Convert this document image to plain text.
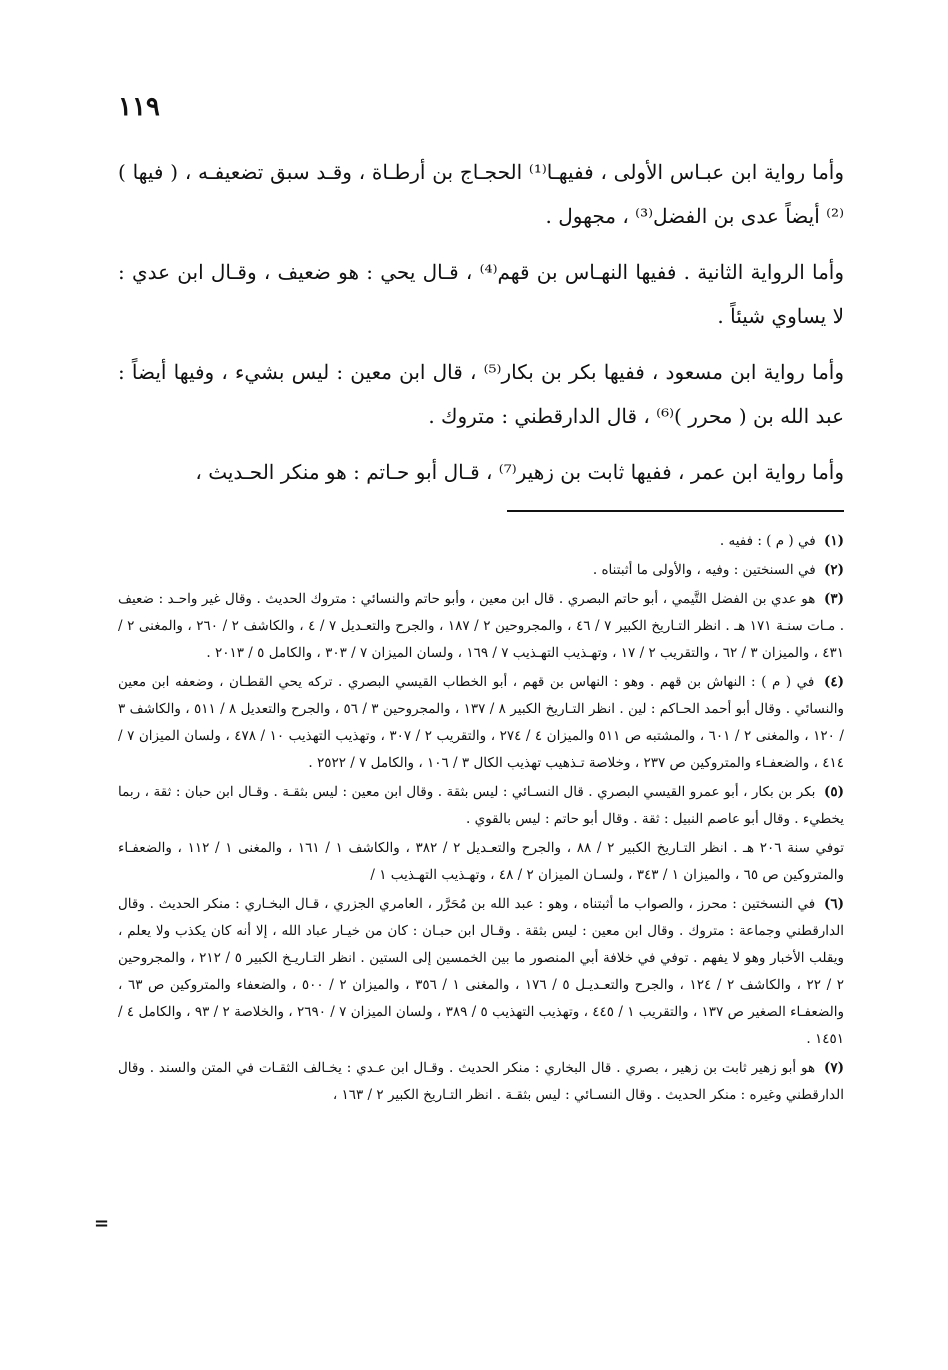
١١٩

وأما رواية ابن عبـاس الأولى ، ففيهـا⁽¹⁾ الحجـاج بن أرطـاة ، وقـد سبق تضعيفـه ، ( فيها )⁽²⁾ أيضاً عدى بن الفضل⁽³⁾ ، مجهول .

وأما الرواية الثانية . ففيها النهـاس بن قهم⁽⁴⁾ ، قـال يحي : هو ضعيف ، وقـال ابن عدي : لا يساوي شيئاً .

وأما رواية ابن مسعود ، ففيها بكر بن بكار⁽⁵⁾ ، قال ابن معين : ليس بشيء ، وفيها أيضاً : عبد الله بن ( محرر )⁽⁶⁾ ، قال الدارقطني : متروك .

وأما رواية ابن عمر ، ففيها ثابت بن زهير⁽⁷⁾ ، قـال أبو حـاتم : هو منكر الحـديث ،

(١) في ( م ) : ففيه .

(٢) في السنختين : وفيه ، والأولى ما أثبتناه .

(٣) هو عدي بن الفضل التَّيمي ، أبو حاتم البصري . قال ابن معين ، وأبو حاتم والنسائي : متروك الحديث . وقال غير واحـد : ضعيف . مـات سنـة ١٧١ هـ . انظر التـاريخ الكبير ٧ / ٤٦ ، والمجروحين ٢ / ١٨٧ ، والجرح والتعـديل ٧ / ٤ ، والكاشف ٢ / ٢٦٠ ، والمغنى ٢ / ٤٣١ ، والميزان ٣ / ٦٢ ، والتقريب ٢ / ١٧ ، وتهـذيب التهـذيب ٧ / ١٦٩ ، ولسان الميزان ٧ / ٣٠٣ ، والكامل ٥ / ٢٠١٣ .

(٤) في ( م ) : النهاش بن قهم . وهو : النهاس بن قهم ، أبو الخطاب القيسي البصري . تركه يحي القطـان ، وضعفه ابن معين والنسائي . وقال أبو أحمد الحـاكم : لين . انظر التـاريخ الكبير ٨ / ١٣٧ ، والمجروحين ٣ / ٥٦ ، والجرح والتعديل ٨ / ٥١١ ، والكاشف ٣ / ١٢٠ ، والمغنى ٢ / ٦٠١ ، والمشتبه ص ٥١١ والميزان ٤ / ٢٧٤ ، والتقريب ٢ / ٣٠٧ ، وتهذيب التهذيب ١٠ / ٤٧٨ ، ولسان الميزان ٧ / ٤١٤ ، والضعفـاء والمتروكين ص ٢٣٧ ، وخلاصة تـذهيب تهذيب الكال ٣ / ١٠٦ ، والكامل ٧ / ٢٥٢٢ .

(٥) بكر بن بكار ، أبو عمرو القيسي البصري . قال النسـائي : ليس بثقة . وقال ابن معين : ليس بثقـة . وقـال ابن حبان : ثقة ، ربما يخطيء . وقال أبو عاصم النبيل : ثقة . وقال أبو حاتم : ليس بالقوي .
توفي سنة ٢٠٦ هـ . انظر التـاريخ الكبير ٢ / ٨٨ ، والجرح والتعـديل ٢ / ٣٨٢ ، والكاشف ١ / ١٦١ ، والمغنى ١ / ١١٢ ، والضعفـاء والمتروكين ص ٦٥ ، والميزان ١ / ٣٤٣ ، ولسـان الميزان ٢ / ٤٨ ، وتهـذيب التهـذيب ١ /

(٦) في النسختين : محرز ، والصواب ما أثبتناه ، وهو : عبد الله بن مُحَرَّر ، العامري الجزري ، قـال البخـاري : منكر الحديث . وقال الدارقطني وجماعة : متروك . وقال ابن معين : ليس بثقة . وقـال ابن حبـان : كان من خيـار عباد الله ، إلا أنه كان يكذب ولا يعلم ، ويقلب الأخبار وهو لا يفهم . توفي في خلافة أبي المنصور ما بين الخمسين إلى الستين . انظر التـاريـخ الكبير ٥ / ٢١٢ ، والمجروحين ٢ / ٢٢ ، والكاشف ٢ / ١٢٤ ، والجرح والتعـديـل ٥ / ١٧٦ ، والمغنى ١ / ٣٥٦ ، والميزان ٢ / ٥٠٠ ، والضعفاء والمتروكين ص ٦٣ ، والضعفـاء الصغير ص ١٣٧ ، والتقريب ١ / ٤٤٥ ، وتهذيب التهذيب ٥ / ٣٨٩ ، ولسان الميزان ٧ / ٢٦٩٠ ، والخلاصة ٢ / ٩٣ ، والكامل ٤ / ١٤٥١ .

(٧) هو أبو زهير ثابت بن زهير ، بصري . قال البخاري : منكر الحديث . وقـال ابن عـدي : يخـالف الثقـات في المتن والسند . وقال الدارقطني وغيره : منكر الحديث . وقال النسـائي : ليس بثقـة . انظر التـاريخ الكبير ٢ / ١٦٣ ،

=
